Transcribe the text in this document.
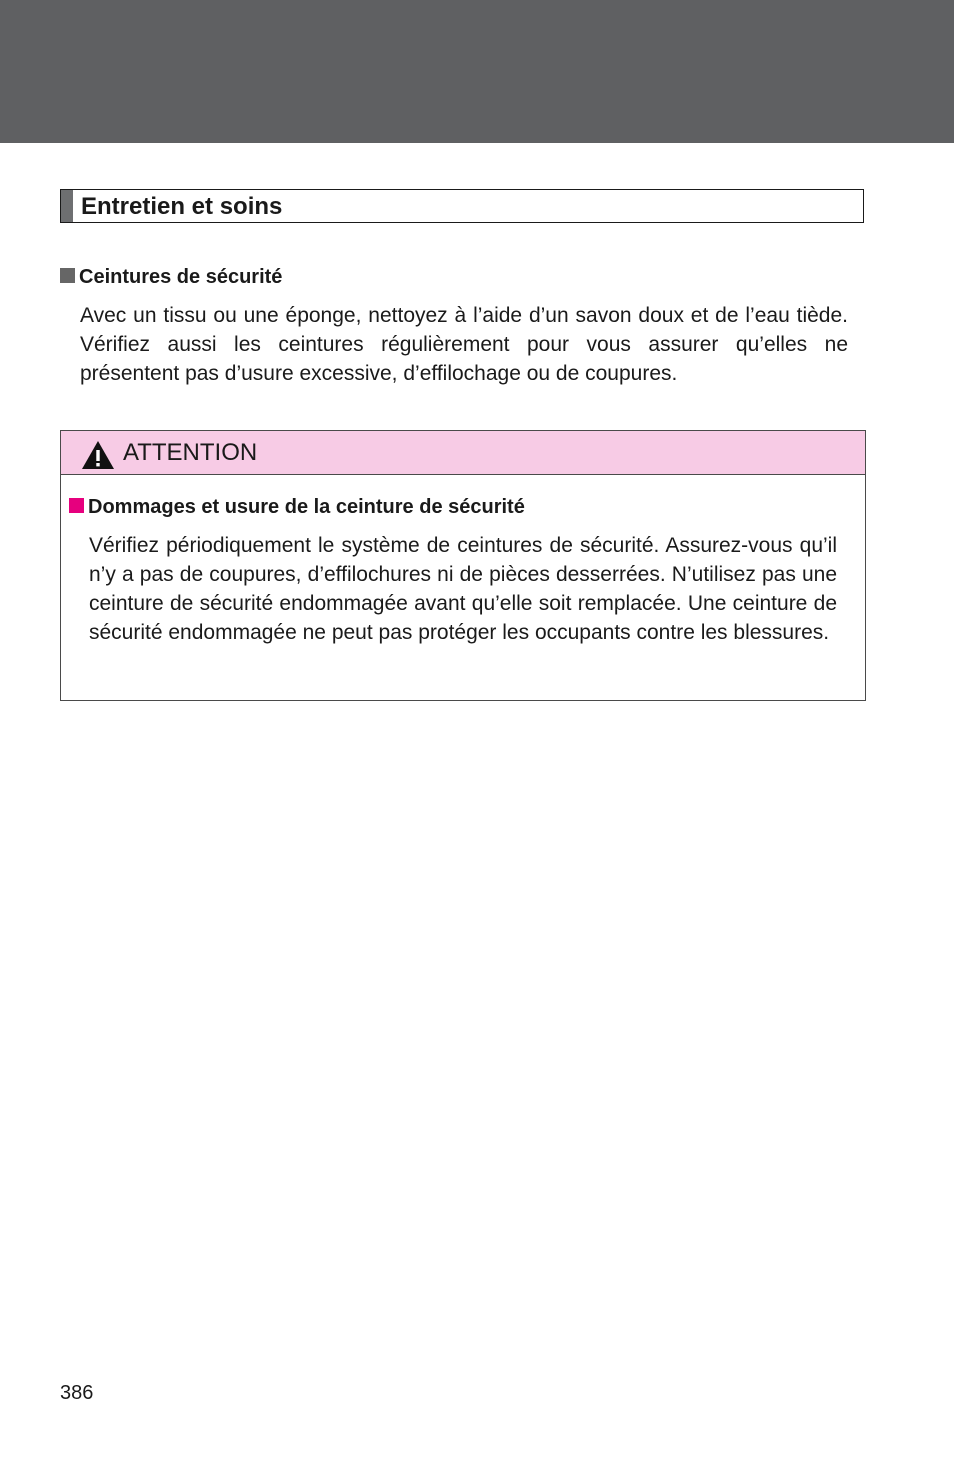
Entretien et soins
Ceintures de sécurité
Avec un tissu ou une éponge, nettoyez à l’aide d’un savon doux et de l’eau tiède. Vérifiez aussi les ceintures régulièrement pour vous assurer qu’elles ne présentent pas d’usure excessive, d’effilochage ou de coupures.
ATTENTION
Dommages et usure de la ceinture de sécurité
Vérifiez périodiquement le système de ceintures de sécurité. Assurez-vous qu’il n’y a pas de coupures, d’effilochures ni de pièces desserrées. N’utilisez pas une ceinture de sécurité endommagée avant qu’elle soit remplacée. Une ceinture de sécurité endommagée ne peut pas protéger les occupants contre les blessures.
386
